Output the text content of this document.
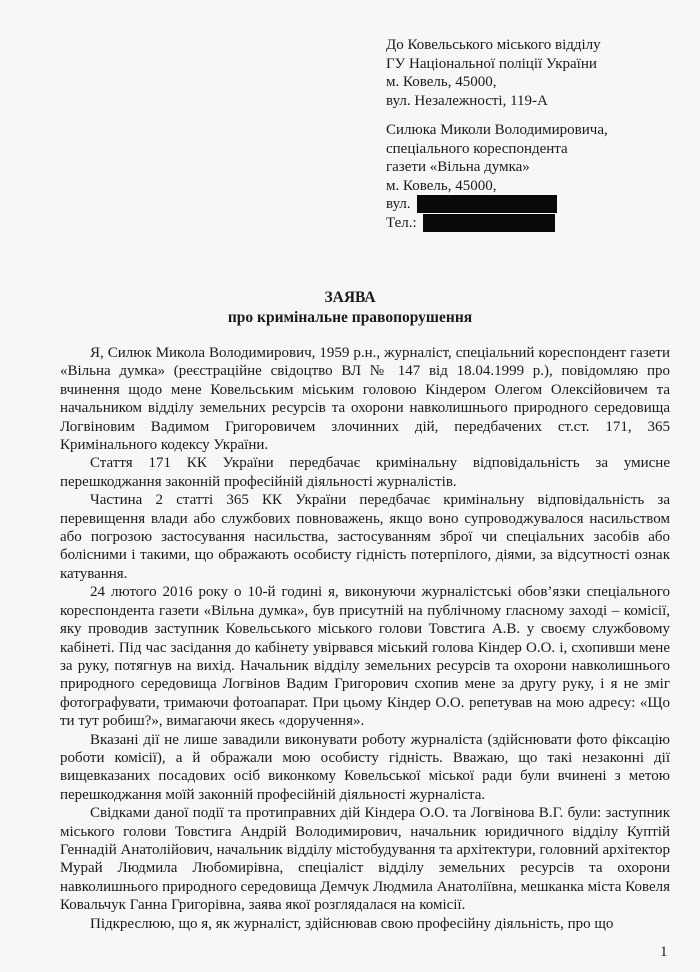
До Ковельського міського відділу
ГУ Національної поліції України
м. Ковель, 45000,
вул. Незалежності, 119-А
Силюка Миколи Володимировича,
спеціального кореспондента
газети «Вільна думка»
м. Ковель, 45000,
вул.
Тел.:
ЗАЯВА
про кримінальне правопорушення

Я, Силюк Микола Володимирович, 1959 р.н., журналіст, спеціальний кореспондент газети «Вільна думка» (реєстраційне свідоцтво ВЛ № 147 від 18.04.1999 р.), повідомляю про вчинення щодо мене Ковельським міським головою Кіндером Олегом Олексійовичем та начальником відділу земельних ресурсів та охорони навколишнього природного середовища Логвіновим Вадимом Григоровичем злочинних дій, передбачених ст.ст. 171, 365 Кримінального кодексу України.

Стаття 171 КК України передбачає кримінальну відповідальність за умисне перешкоджання законній професійній діяльності журналістів.

Частина 2 статті 365 КК України передбачає кримінальну відповідальність за перевищення влади або службових повноважень, якщо воно супроводжувалося насильством або погрозою застосування насильства, застосуванням зброї чи спеціальних засобів або болісними і такими, що ображають особисту гідність потерпілого, діями, за відсутності ознак катування.

24 лютого 2016 року о 10-й годині я, виконуючи журналістські обов’язки спеціального кореспондента газети «Вільна думка», був присутній на публічному гласному заході – комісії, яку проводив заступник Ковельського міського голови Товстига А.В. у своєму службовому кабінеті. Під час засідання до кабінету увірвався міський голова Кіндер О.О. і, схопивши мене за руку, потягнув на вихід. Начальник відділу земельних ресурсів та охорони навколишнього природного середовища Логвінов Вадим Григорович схопив мене за другу руку, і я не зміг фотографувати, тримаючи фотоапарат. При цьому Кіндер О.О. репетував на мою адресу: «Що ти тут робиш?», вимагаючи якесь «доручення».

Вказані дії не лише завадили виконувати роботу журналіста (здійснювати фото фіксацію роботи комісії), а й ображали мою особисту гідність. Вважаю, що такі незаконні дії вищевказаних посадових осіб виконкому Ковельської міської ради були вчинені з метою перешкоджання моїй законній професійній діяльності журналіста.

Свідками даної події та протиправних дій Кіндера О.О. та Логвінова В.Г. були: заступник міського голови Товстига Андрій Володимирович, начальник юридичного відділу Куптій Геннадій Анатолійович, начальник відділу містобудування та архітектури, головний архітектор Мурай Людмила Любомирівна, спеціаліст відділу земельних ресурсів та охорони навколишнього природного середовища Демчук Людмила Анатоліївна, мешканка міста Ковеля Ковальчук Ганна Григорівна, заява якої розглядалася на комісії.

Підкреслюю, що я, як журналіст, здійснював свою професійну діяльність, про що

1
